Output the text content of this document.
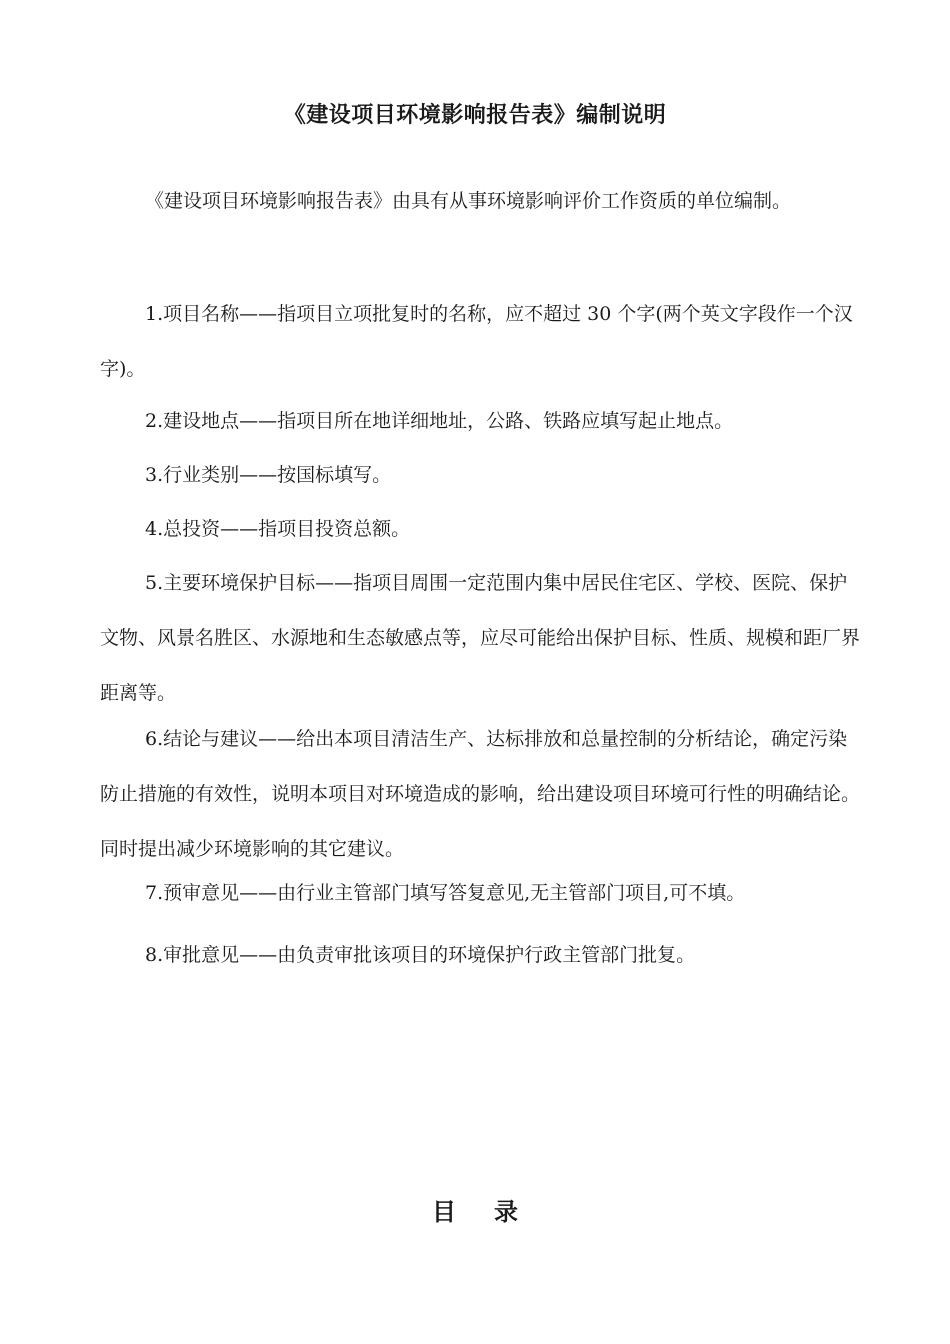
《建设项目环境影响报告表》编制说明

《建设项目环境影响报告表》由具有从事环境影响评价工作资质的单位编制。

1.项目名称——指项目立项批复时的名称，应不超过 30 个字(两个英文字段作一个汉字)。

2.建设地点——指项目所在地详细地址，公路、铁路应填写起止地点。

3.行业类别——按国标填写。

4.总投资——指项目投资总额。

5.主要环境保护目标——指项目周围一定范围内集中居民住宅区、学校、医院、保护文物、风景名胜区、水源地和生态敏感点等，应尽可能给出保护目标、性质、规模和距厂界距离等。

6.结论与建议——给出本项目清洁生产、达标排放和总量控制的分析结论，确定污染防止措施的有效性，说明本项目对环境造成的影响，给出建设项目环境可行性的明确结论。同时提出减少环境影响的其它建议。

7.预审意见——由行业主管部门填写答复意见,无主管部门项目,可不填。

8.审批意见——由负责审批该项目的环境保护行政主管部门批复。

目录
